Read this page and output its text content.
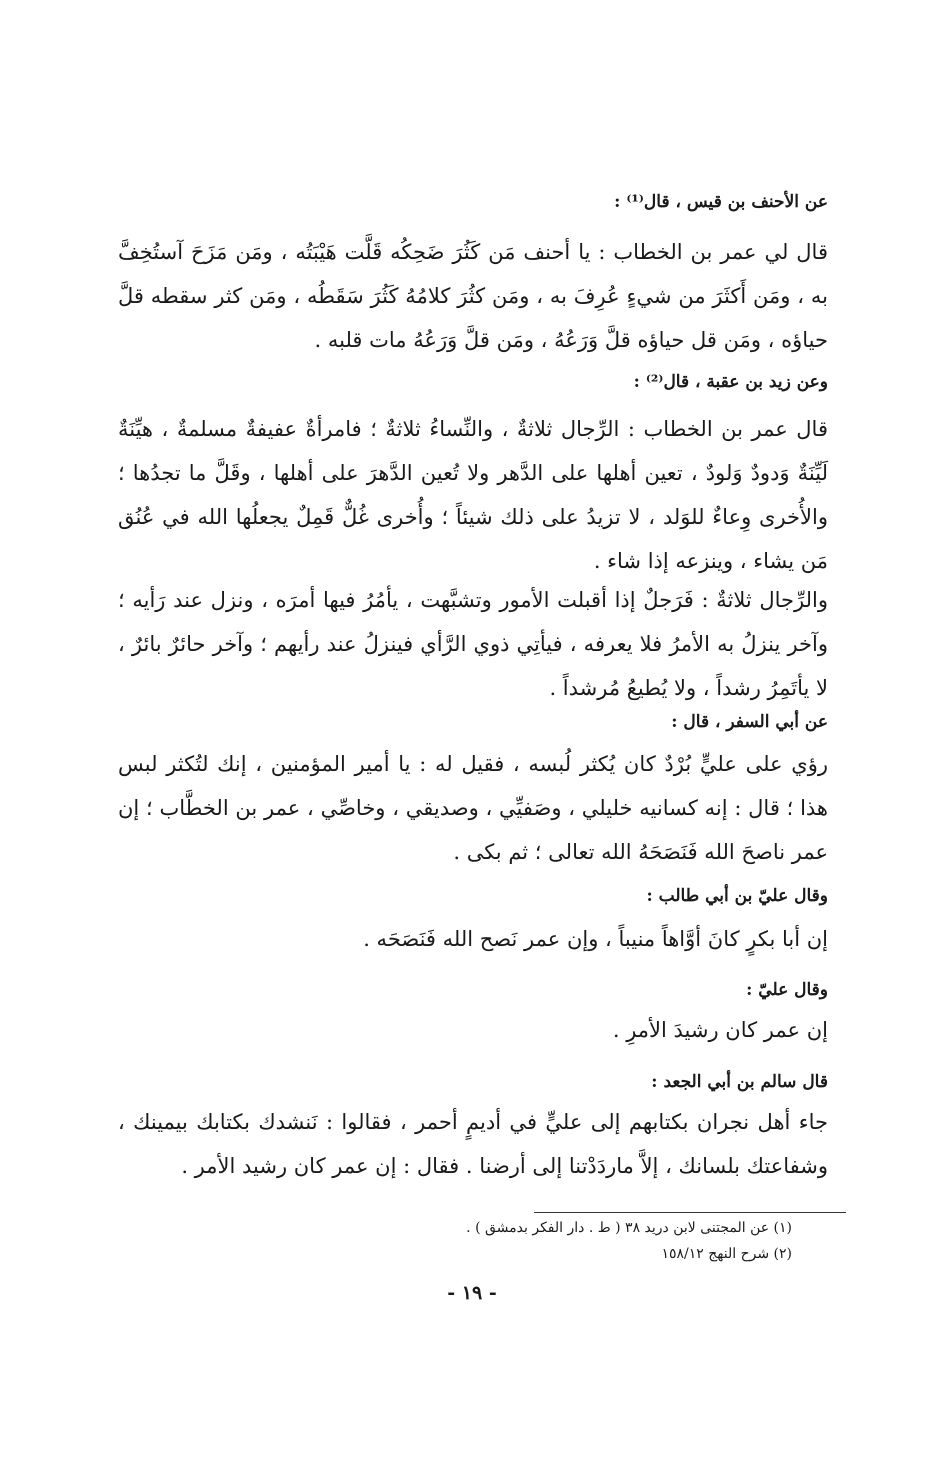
عن الأحنف بن قيس ، قال⁽¹⁾ :
قال لي عمر بن الخطاب : يا أحنف مَن كَثُرَ ضَحِكُه قَلَّت هَيْبَتُه ، ومَن مَزَحَ آستُخِفَّ به ، ومَن أَكثَرَ من شيءٍ عُرِفَ به ، ومَن كثُرَ كلامُهُ كَثُرَ سَقَطُه ، ومَن كثر سقطه قلَّ حياؤه ، ومَن قل حياؤه قلَّ وَرَعُهُ ، ومَن قلَّ وَرَعُهُ مات قلبه .
وعن زيد بن عقبة ، قال⁽²⁾ :
قال عمر بن الخطاب : الرِّجال ثلاثةٌ ، والنِّساءُ ثلاثةٌ ؛ فامرأةٌ عفيفةٌ مسلمةٌ ، هيِّنَةٌ لَيِّنَةٌ وَدودٌ وَلودٌ ، تعين أهلها على الدَّهر ولا تُعين الدَّهرَ على أهلها ، وقَلَّ ما تجدُها ؛ والأُخرى وِعاءٌ للوَلد ، لا تزيدُ على ذلك شيئاً ؛ وأُخرى غُلٌّ قَمِلٌ يجعلُها الله في عُنُق مَن يشاء ، وينزعه إذا شاء .
والرِّجال ثلاثةٌ : فَرَجلٌ إذا أقبلت الأمور وتشبَّهت ، يأمُرُ فيها أمرَه ، ونزل عند رَأيه ؛ وآخر ينزلُ به الأمرُ فلا يعرفه ، فيأتِي ذوي الرَّأي فينزلُ عند رأيهم ؛ وآخر حائرٌ بائرٌ ، لا يأتَمِرُ رشداً ، ولا يُطيعُ مُرشداً .
عن أبي السفر ، قال :
رؤي على عليٍّ بُرْدٌ كان يُكثر لُبسه ، فقيل له : يا أمير المؤمنين ، إنك لتُكثر لبس هذا ؛ قال : إنه كسانيه خليلي ، وصَفيِّي ، وصديقي ، وخاصِّي ، عمر بن الخطَّاب ؛ إن عمر ناصحَ الله فَنَصَحَهُ الله تعالى ؛ ثم بكى .
وقال عليّ بن أبي طالب :
إن أبا بكرٍ كانَ أوَّاهاً منيباً ، وإن عمر نَصح الله فَنَصَحَه .
وقال عليّ :
إن عمر كان رشيدَ الأمرِ .
قال سالم بن أبي الجعد :
جاء أهل نجران بكتابهم إلى عليٍّ في أديمٍ أحمر ، فقالوا : نَنشدك بكتابك بيمينك ، وشفاعتك بلسانك ، إلاَّ ماردَدْتنا إلى أرضنا . فقال : إن عمر كان رشيد الأمر .
(١) عن المجتنى لابن دريد ٣٨ ( ط . دار الفكر بدمشق ) .
(٢) شرح النهج ١٥٨/١٢
- ١٩ -
